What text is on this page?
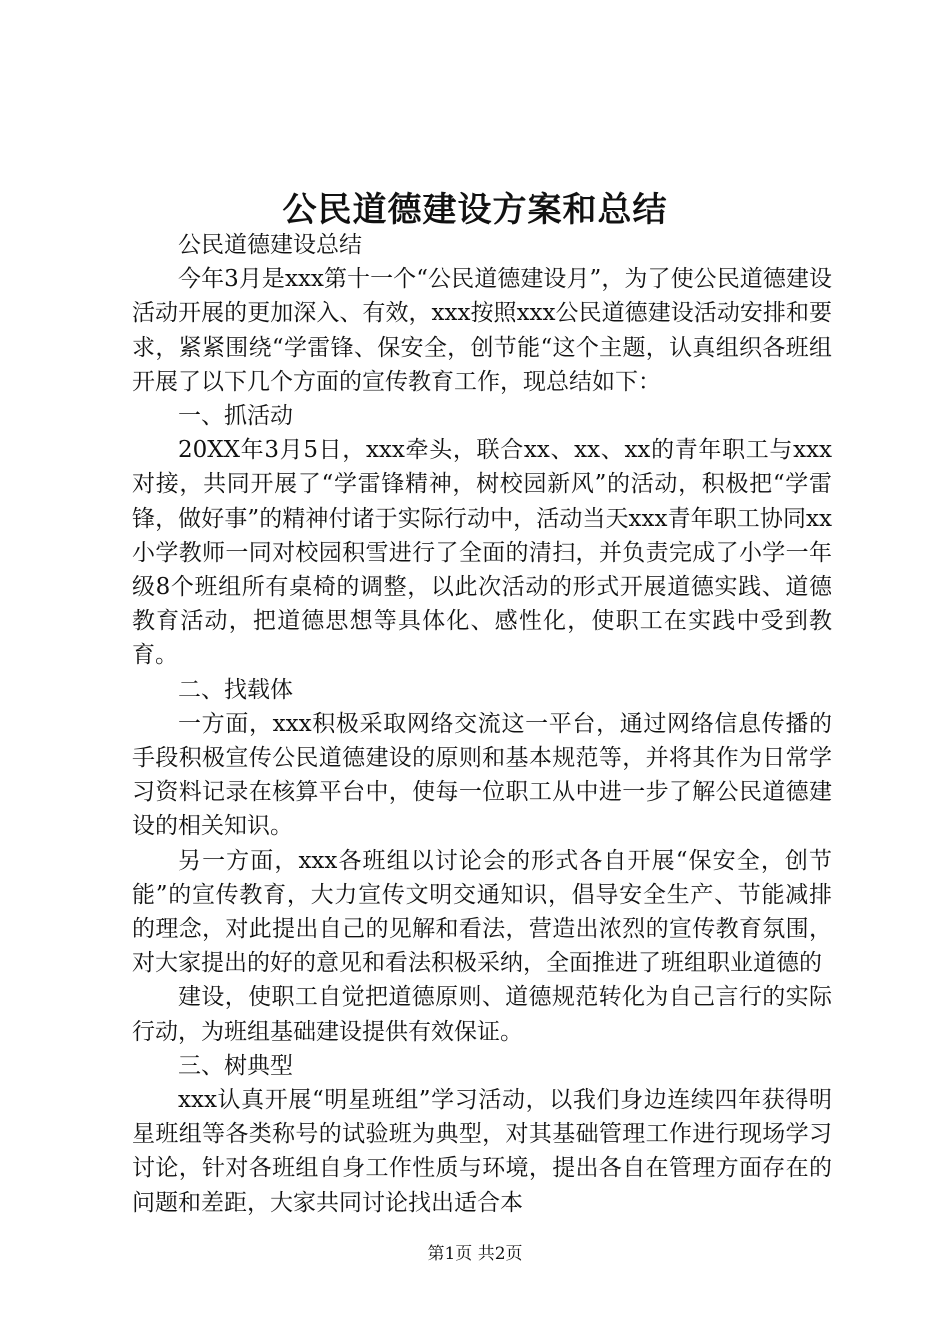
公民道德建设方案和总结

公民道德建设总结

今年3月是xxx第十一个“公民道德建设月”，为了使公民道德建设活动开展的更加深入、有效，xxx按照xxx公民道德建设活动安排和要求，紧紧围绕“学雷锋、保安全，创节能“这个主题，认真组织各班组开展了以下几个方面的宣传教育工作，现总结如下：

一、抓活动

20XX年3月5日，xxx牵头，联合xx、xx、xx的青年职工与xxx对接，共同开展了“学雷锋精神，树校园新风”的活动，积极把“学雷锋，做好事”的精神付诸于实际行动中，活动当天xxx青年职工协同xx小学教师一同对校园积雪进行了全面的清扫，并负责完成了小学一年级8个班组所有桌椅的调整，以此次活动的形式开展道德实践、道德教育活动，把道德思想等具体化、感性化，使职工在实践中受到教育。

二、找载体

一方面，xxx积极采取网络交流这一平台，通过网络信息传播的手段积极宣传公民道德建设的原则和基本规范等，并将其作为日常学习资料记录在核算平台中，使每一位职工从中进一步了解公民道德建设的相关知识。

另一方面，xxx各班组以讨论会的形式各自开展“保安全，创节能”的宣传教育，大力宣传文明交通知识，倡导安全生产、节能减排的理念，对此提出自己的见解和看法，营造出浓烈的宣传教育氛围，对大家提出的好的意见和看法积极采纳，全面推进了班组职业道德的

建设，使职工自觉把道德原则、道德规范转化为自己言行的实际行动，为班组基础建设提供有效保证。

三、树典型

xxx认真开展“明星班组”学习活动，以我们身边连续四年获得明星班组等各类称号的试验班为典型，对其基础管理工作进行现场学习讨论，针对各班组自身工作性质与环境，提出各自在管理方面存在的问题和差距，大家共同讨论找出适合本

第1页 共2页
